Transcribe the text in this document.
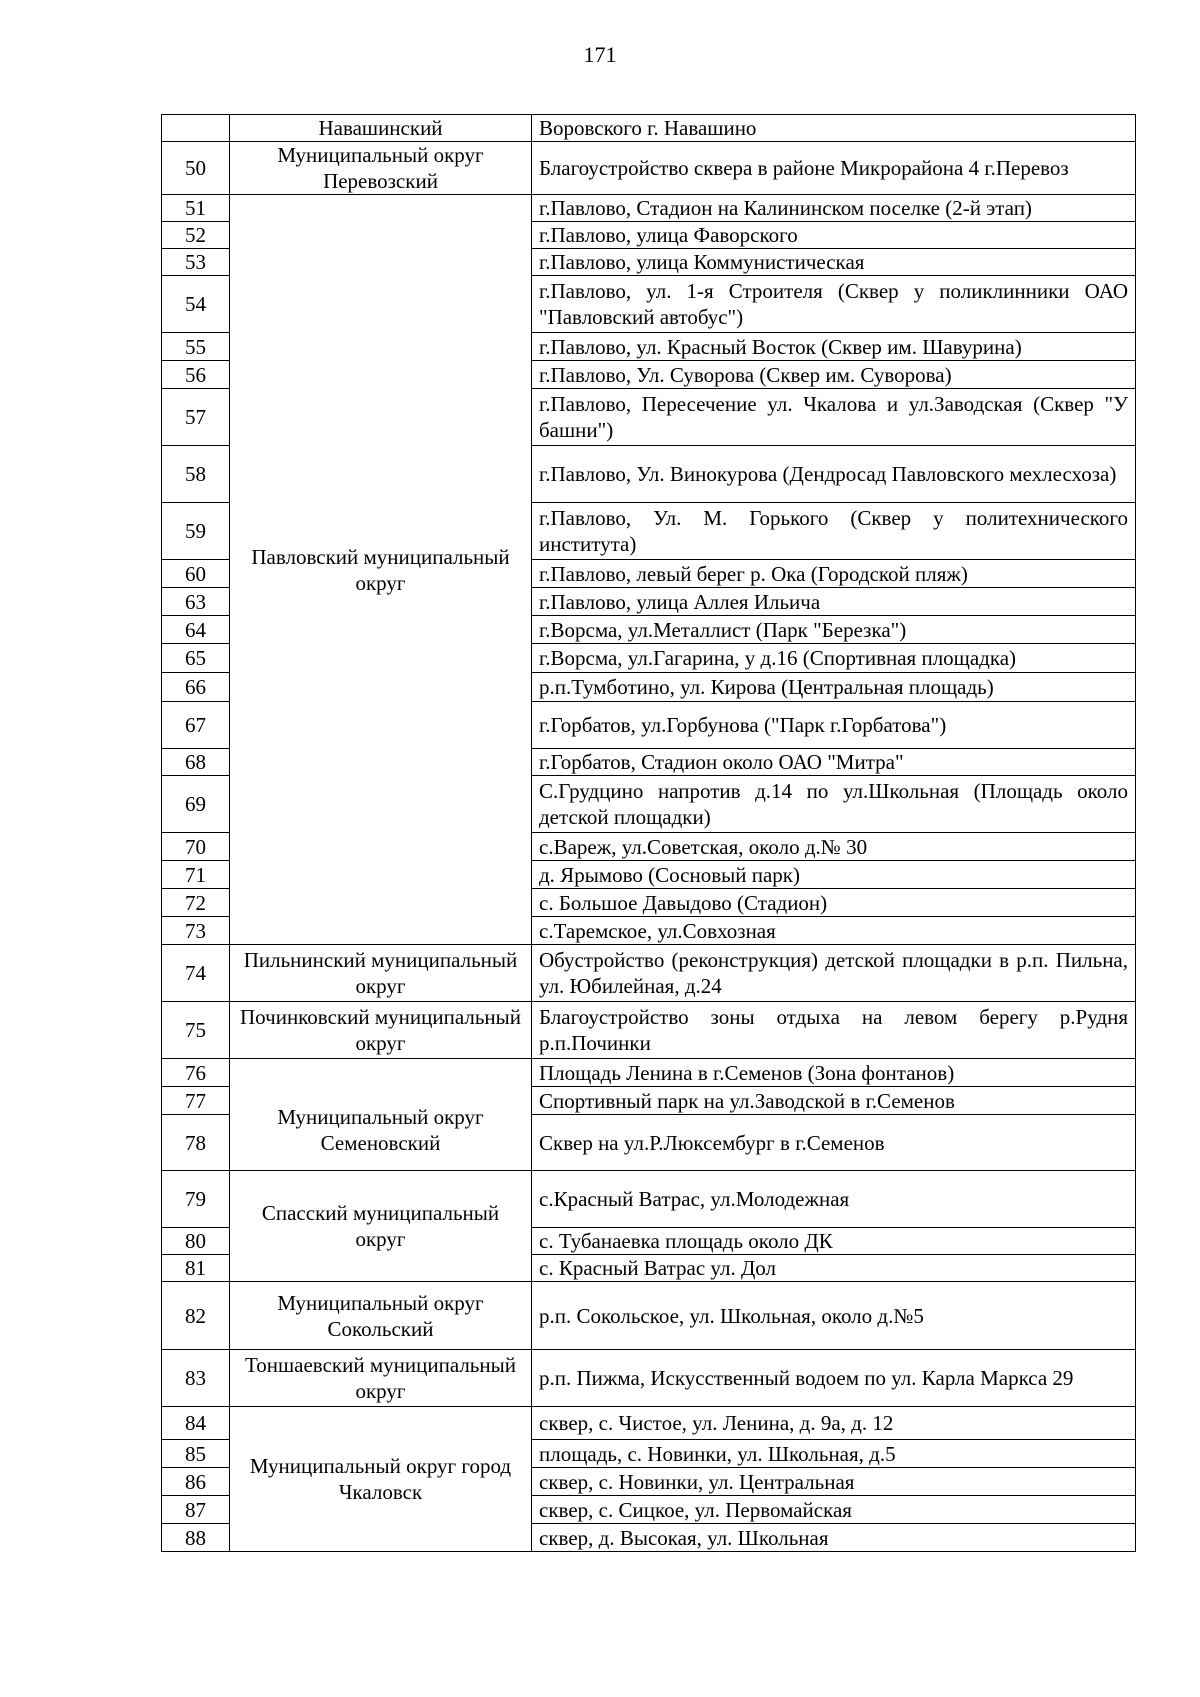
171
	Навашинский	Воровского г. Навашино
50	Муниципальный округ Перевозский	Благоустройство сквера в районе Микрорайона 4 г.Перевоз
51	Павловский муниципальный округ	г.Павлово, Стадион на Калининском поселке (2-й этап)
52		г.Павлово, улица Фаворского
53		г.Павлово, улица Коммунистическая
54		г.Павлово, ул. 1-я Строителя (Сквер у поликлинники ОАО "Павловский автобус")
55		г.Павлово, ул. Красный Восток (Сквер им. Шавурина)
56		г.Павлово, Ул. Суворова (Сквер им. Суворова)
57		г.Павлово, Пересечение ул. Чкалова и ул.Заводская (Сквер "У башни")
58		г.Павлово, Ул. Винокурова (Дендросад Павловского мехлесхоза)
59		г.Павлово, Ул. М. Горького (Сквер у политехнического института)
60		г.Павлово, левый берег р. Ока (Городской пляж)
63		г.Павлово, улица Аллея Ильича
64		г.Ворсма, ул.Металлист (Парк "Березка")
65		г.Ворсма, ул.Гагарина, у д.16 (Спортивная площадка)
66		р.п.Тумботино, ул. Кирова (Центральная площадь)
67		г.Горбатов, ул.Горбунова ("Парк г.Горбатова")
68		г.Горбатов, Стадион около ОАО "Митра"
69		С.Грудцино напротив д.14 по ул.Школьная (Площадь около детской площадки)
70		с.Вареж, ул.Советская, около д.№ 30
71		д. Ярымово (Сосновый парк)
72		с. Большое Давыдово (Стадион)
73		с.Таремское, ул.Совхозная
74	Пильнинский муниципальный округ	Обустройство (реконструкция) детской площадки в р.п. Пильна, ул. Юбилейная, д.24
75	Починковский муниципальный округ	Благоустройство зоны отдыха на левом берегу р.Рудня р.п.Починки
76	Муниципальный округ Семеновский	Площадь Ленина в г.Семенов (Зона фонтанов)
77		Спортивный парк на ул.Заводской в г.Семенов
78		Сквер на ул.Р.Люксембург в г.Семенов
79	Спасский муниципальный округ	с.Красный Ватрас, ул.Молодежная
80		с. Тубанаевка площадь около ДК
81		с. Красный Ватрас ул. Дол
82	Муниципальный округ Сокольский	р.п. Сокольское, ул. Школьная, около д.№5
83	Тоншаевский муниципальный округ	р.п. Пижма, Искусственный водоем по ул. Карла Маркса 29
84	Муниципальный округ город Чкаловск	сквер, с. Чистое, ул. Ленина, д. 9а, д. 12
85		площадь, с. Новинки, ул. Школьная, д.5
86		сквер, с. Новинки, ул. Центральная
87		сквер, с. Сицкое, ул. Первомайская
88		сквер, д. Высокая, ул. Школьная
